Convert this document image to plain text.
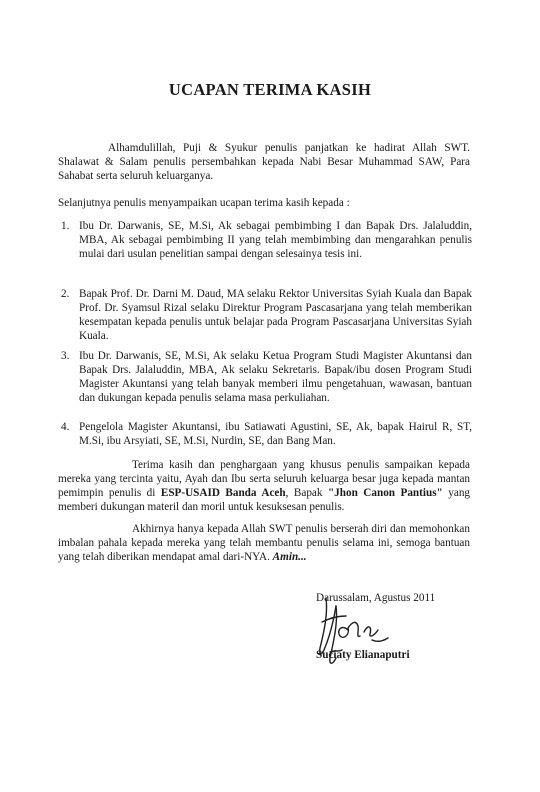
UCAPAN TERIMA KASIH
Alhamdulillah, Puji & Syukur penulis panjatkan ke hadirat Allah SWT. Shalawat & Salam penulis persembahkan kepada Nabi Besar Muhammad SAW, Para Sahabat serta seluruh keluarganya.
Selanjutnya penulis menyampaikan ucapan terima kasih kepada :
1. Ibu Dr. Darwanis, SE, M.Si, Ak sebagai pembimbing I dan Bapak Drs. Jalaluddin, MBA, Ak sebagai pembimbing II yang telah membimbing dan mengarahkan penulis mulai dari usulan penelitian sampai dengan selesainya tesis ini.
2. Bapak Prof. Dr. Darni M. Daud, MA selaku Rektor Universitas Syiah Kuala dan Bapak Prof. Dr. Syamsul Rizal selaku Direktur Program Pascasarjana yang telah memberikan kesempatan kepada penulis untuk belajar pada Program Pascasarjana Universitas Syiah Kuala.
3. Ibu Dr. Darwanis, SE, M.Si, Ak selaku Ketua Program Studi Magister Akuntansi dan Bapak Drs. Jalaluddin, MBA, Ak selaku Sekretaris. Bapak/ibu dosen Program Studi Magister Akuntansi yang telah banyak memberi ilmu pengetahuan, wawasan, bantuan dan dukungan kepada penulis selama masa perkuliahan.
4. Pengelola Magister Akuntansi, ibu Satiawati Agustini, SE, Ak, bapak Hairul R, ST, M.Si, ibu Arsyiati, SE, M.Si, Nurdin, SE, dan Bang Man.
Terima kasih dan penghargaan yang khusus penulis sampaikan kepada mereka yang tercinta yaitu, Ayah dan Ibu serta seluruh keluarga besar juga kepada mantan pemimpin penulis di ESP-USAID Banda Aceh, Bapak "Jhon Canon Pantius" yang memberi dukungan materil dan moril untuk kesuksesan penulis.
Akhirnya hanya kepada Allah SWT penulis berserah diri dan memohonkan imbalan pahala kepada mereka yang telah membantu penulis selama ini, semoga bantuan yang telah diberikan mendapat amal dari-NYA. Amin...
Darussalam, Agustus 2011
Suciaty Elianaputri
